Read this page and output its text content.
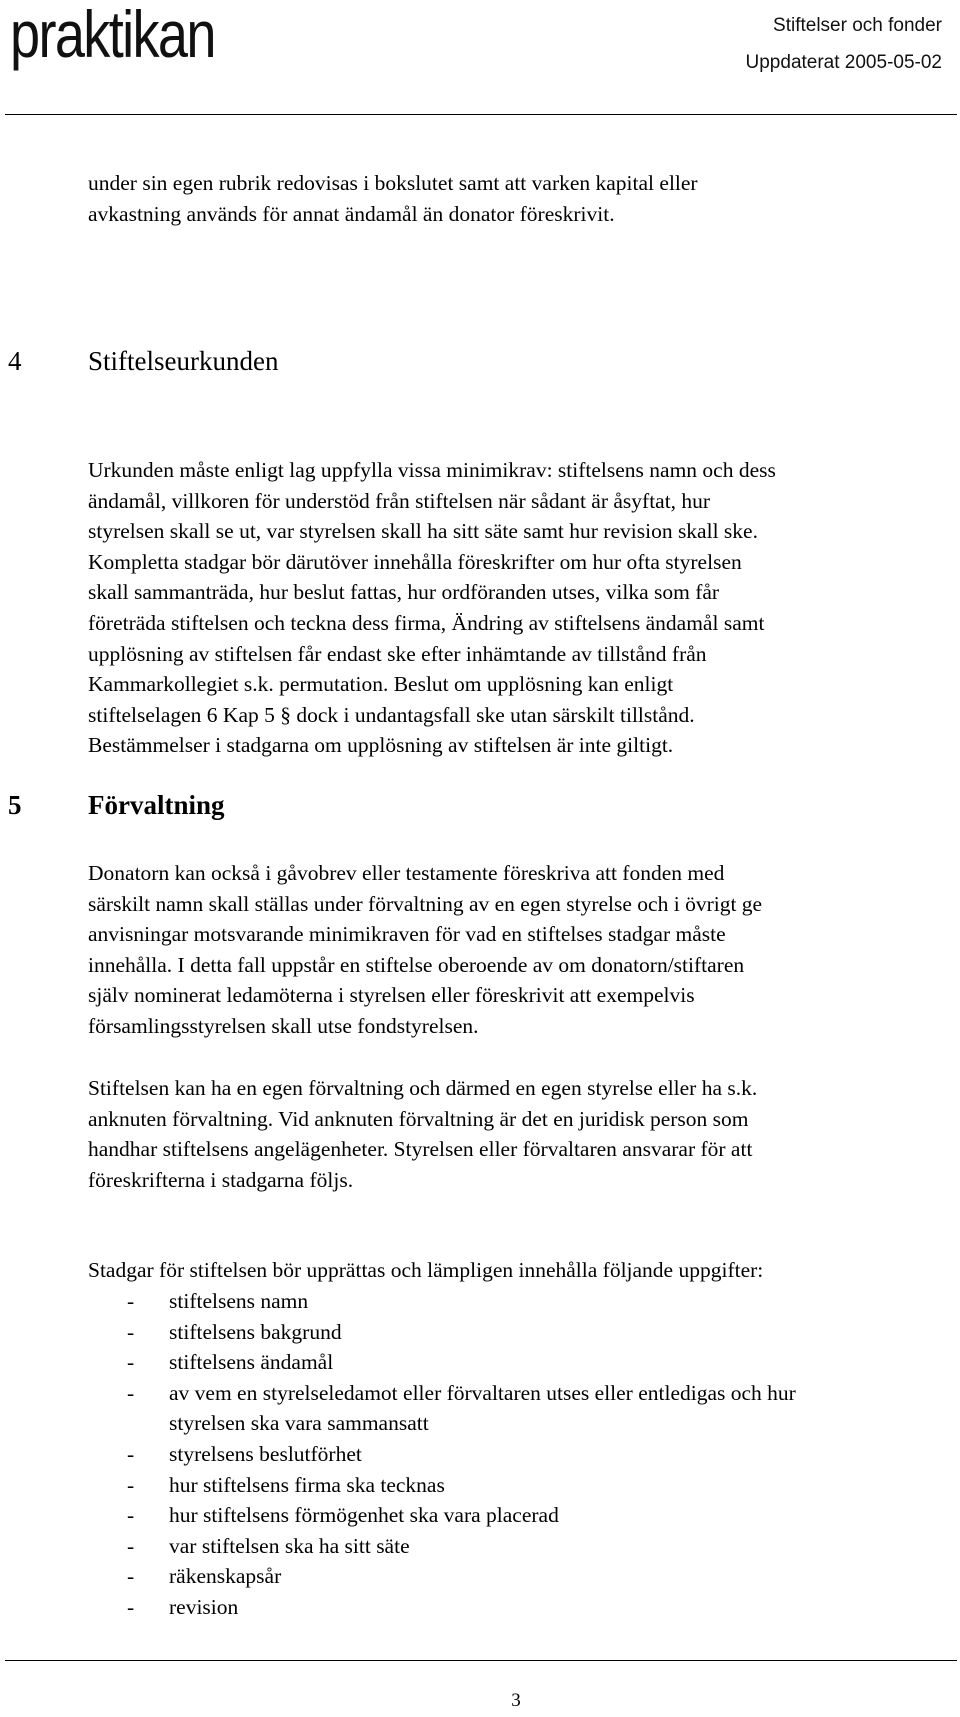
praktikan	Stiftelser och fonder
Uppdaterat 2005-05-02

under sin egen rubrik redovisas i bokslutet samt att varken kapital eller
avkastning används för annat ändamål än donator föreskrivit.

4 Stiftelseurkunden

Urkunden måste enligt lag uppfylla vissa minimikrav: stiftelsens namn och dess
ändamål, villkoren för understöd från stiftelsen när sådant är åsyftat, hur
styrelsen skall se ut, var styrelsen skall ha sitt säte samt hur revision skall ske.
Kompletta stadgar bör därutöver innehålla föreskrifter om hur ofta styrelsen
skall sammanträda, hur beslut fattas, hur ordföranden utses, vilka som får
företräda stiftelsen och teckna dess firma, Ändring av stiftelsens ändamål samt
upplösning av stiftelsen får endast ske efter inhämtande av tillstånd från
Kammarkollegiet s.k. permutation. Beslut om upplösning kan enligt
stiftelselagen 6 Kap 5 § dock i undantagsfall ske utan särskilt tillstånd.
Bestämmelser i stadgarna om upplösning av stiftelsen är inte giltigt.

5 Förvaltning

Donatorn kan också i gåvobrev eller testamente föreskriva att fonden med
särskilt namn skall ställas under förvaltning av en egen styrelse och i övrigt ge
anvisningar motsvarande minimikraven för vad en stiftelses stadgar måste
innehålla. I detta fall uppstår en stiftelse oberoende av om donatorn/stiftaren
själv nominerat ledamöterna i styrelsen eller föreskrivit att exempelvis
församlingsstyrelsen skall utse fondstyrelsen.

Stiftelsen kan ha en egen förvaltning och därmed en egen styrelse eller ha s.k.
anknuten förvaltning. Vid anknuten förvaltning är det en juridisk person som
handhar stiftelsens angelägenheter. Styrelsen eller förvaltaren ansvarar för att
föreskrifterna i stadgarna följs.

Stadgar för stiftelsen bör upprättas och lämpligen innehålla följande uppgifter:

- stiftelsens namn
- stiftelsens bakgrund
- stiftelsens ändamål
- av vem en styrelseledamot eller förvaltaren utses eller entledigas och hur
styrelsen ska vara sammansatt
- styrelsens beslutförhet
- hur stiftelsens firma ska tecknas
- hur stiftelsens förmögenhet ska vara placerad
- var stiftelsen ska ha sitt säte
- räkenskapsår
- revision
3
